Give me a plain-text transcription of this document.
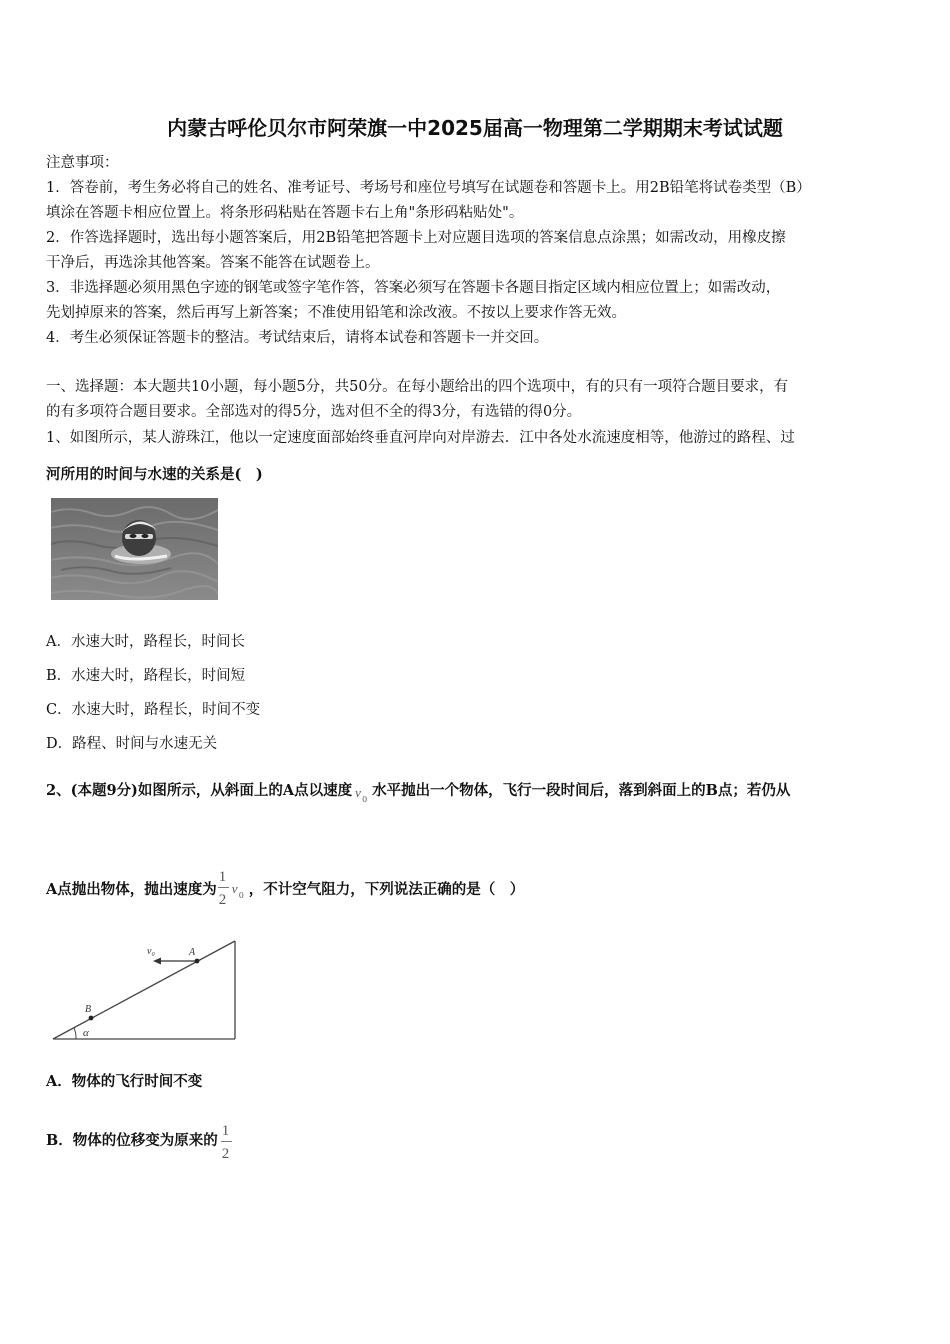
内蒙古呼伦贝尔市阿荣旗一中2025届高一物理第二学期期末考试试题
注意事项：
1．答卷前，考生务必将自己的姓名、准考证号、考场号和座位号填写在试题卷和答题卡上。用2B铅笔将试卷类型（B）
填涂在答题卡相应位置上。将条形码粘贴在答题卡右上角"条形码粘贴处"。
2．作答选择题时，选出每小题答案后，用2B铅笔把答题卡上对应题目选项的答案信息点涂黑；如需改动，用橡皮擦
干净后，再选涂其他答案。答案不能答在试题卷上。
3．非选择题必须用黑色字迹的钢笔或签字笔作答，答案必须写在答题卡各题目指定区域内相应位置上；如需改动，
先划掉原来的答案，然后再写上新答案；不准使用铅笔和涂改液。不按以上要求作答无效。
4．考生必须保证答题卡的整洁。考试结束后，请将本试卷和答题卡一并交回。
一、选择题：本大题共10小题，每小题5分，共50分。在每小题给出的四个选项中，有的只有一项符合题目要求，有
的有多项符合题目要求。全部选对的得5分，选对但不全的得3分，有选错的得0分。
1、如图所示，某人游珠江，他以一定速度面部始终垂直河岸向对岸游去．江中各处水流速度相等，他游过的路程、过
河所用的时间与水速的关系是(　)
A．水速大时，路程长，时间长
B．水速大时，路程长，时间短
C．水速大时，路程长，时间不变
D．路程、时间与水速无关
2、(本题9分)如图所示，从斜面上的A点以速度 v 0
水平抛出一个物体，飞行一段时间后，落到斜面上的B点；若仍从
A点抛出物体，抛出速度为
1
2
v 0 ，不计空气阻力，下列说法正确的是（　）
v₀	A
B
α
A．物体的飞行时间不变
B．物体的位移变为原来的
$\frac{1}{2}$
